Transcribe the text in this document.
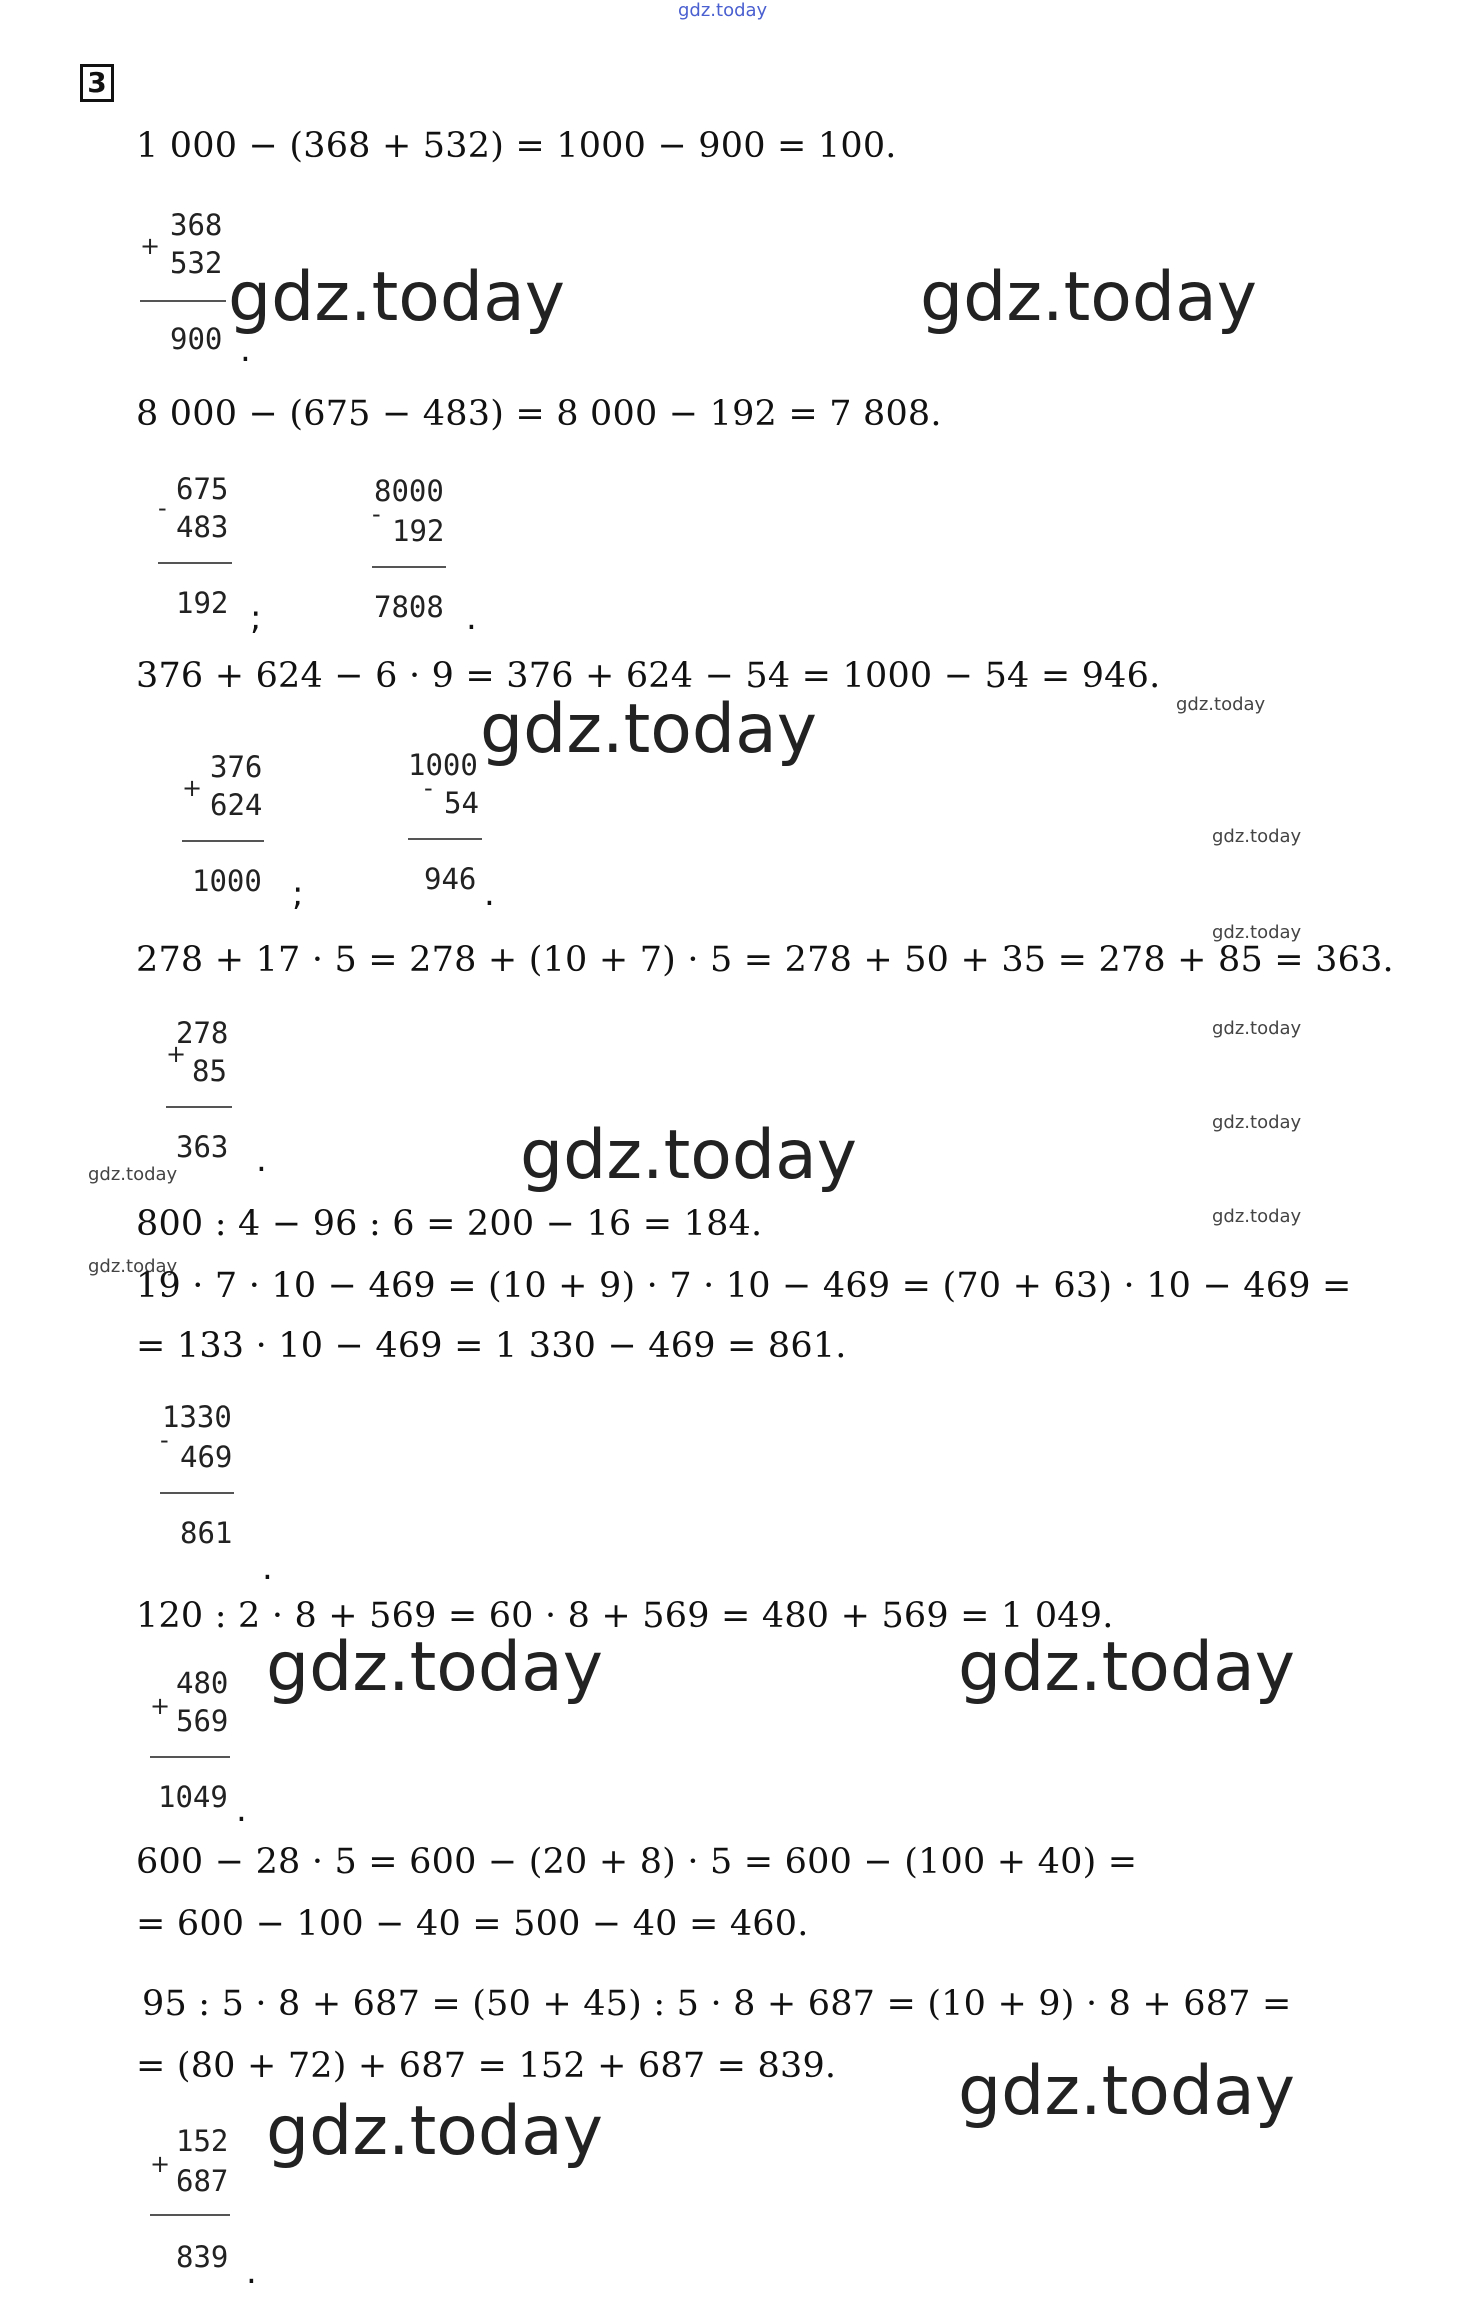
gdz.today
3
1 000 − (368 + 532) = 1000 − 900 = 100.
+
368
532
900 .
gdz.today	gdz.today
8 000 − (675 − 483) = 8 000 − 192 = 7 808.
-
675
483
192 ;
-
8000
192
7808 .
376 + 624 − 6 · 9 = 376 + 624 − 54 = 1000 − 54 = 946.
gdz.today
gdz.today
+
376
624
1000 ;
-
1000
54
946 .
gdz.today
gdz.today
278 + 17 · 5 = 278 + (10 + 7) · 5 = 278 + 50 + 35 = 278 + 85 = 363.
+
278
85
363 .
gdz.today
gdz.today
gdz.today	gdz.today
gdz.today
800 : 4 − 96 : 6 = 200 − 16 = 184.
gdz.today
19 · 7 · 10 − 469 = (10 + 9) · 7 · 10 − 469 = (70 + 63) · 10 − 469 =
= 133 · 10 − 469 = 1 330 − 469 = 861.
-
1330
469
861
.
120 : 2 · 8 + 569 = 60 · 8 + 569 = 480 + 569 = 1 049.
gdz.today	gdz.today
+
480
569
1049 .
600 − 28 · 5 = 600 − (20 + 8) · 5 = 600 − (100 + 40) =
= 600 − 100 − 40 = 500 − 40 = 460.
95 : 5 · 8 + 687 = (50 + 45) : 5 · 8 + 687 = (10 + 9) · 8 + 687 =
= (80 + 72) + 687 = 152 + 687 = 839. gdz.today
gdz.today
+
152
687
839 .
